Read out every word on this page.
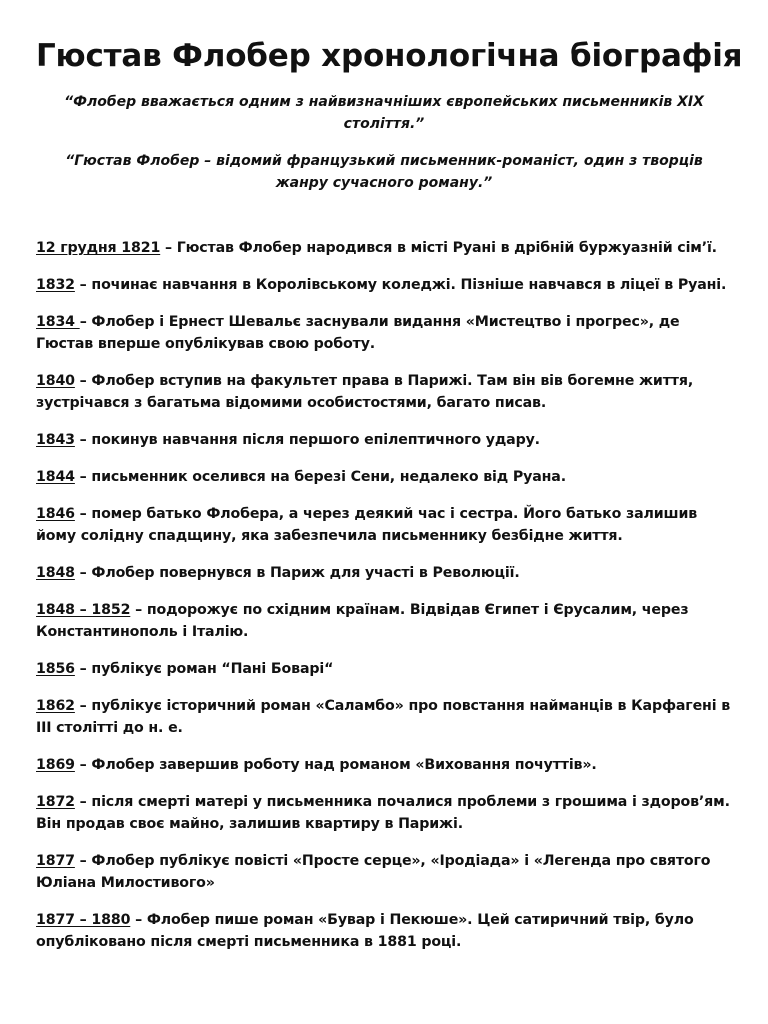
Гюстав Флобер хронологічна біографія

“Флобер вважається одним з найвизначніших європейських письменників XIX століття.”

“Гюстав Флобер – відомий французький письменник-романіст, один з творців жанру сучасного роману.”

12 грудня 1821 – Гюстав Флобер народився в місті Руані в дрібній буржуазній сім’ї.
1832 – починає навчання в Королівському коледжі. Пізніше навчався в ліцеї в Руані.
1834 – Флобер і Ернест Шевальє заснували видання «Мистецтво і прогрес», де Гюстав вперше опублікував свою роботу.
1840 – Флобер вступив на факультет права в Парижі. Там він вів богемне життя, зустрічався з багатьма відомими особистостями, багато писав.
1843 – покинув навчання після першого епілептичного удару.
1844 – письменник оселився на березі Сени, недалеко від Руана.
1846 – помер батько Флобера, а через деякий час і сестра. Його батько залишив йому солідну спадщину, яка забезпечила письменнику безбідне життя.
1848 – Флобер повернувся в Париж для участі в Революції.
1848 – 1852 – подорожує по східним країнам. Відвідав Єгипет і Єрусалим, через Константинополь і Італію.
1856 – публікує роман “Пані Боварі“
1862 – публікує історичний роман «Саламбо» про повстання найманців в Карфагені в III столітті до н. е.
1869 – Флобер завершив роботу над романом «Виховання почуттів».
1872 – після смерті матері у письменника почалися проблеми з грошима і здоров’ям. Він продав своє майно, залишив квартиру в Парижі.
1877 – Флобер публікує повісті «Просте серце», «Іродіада» і «Легенда про святого Юліана Милостивого»
1877 – 1880 – Флобер пише роман «Бувар і Пекюше». Цей сатиричний твір, було опубліковано після смерті письменника в 1881 році.
